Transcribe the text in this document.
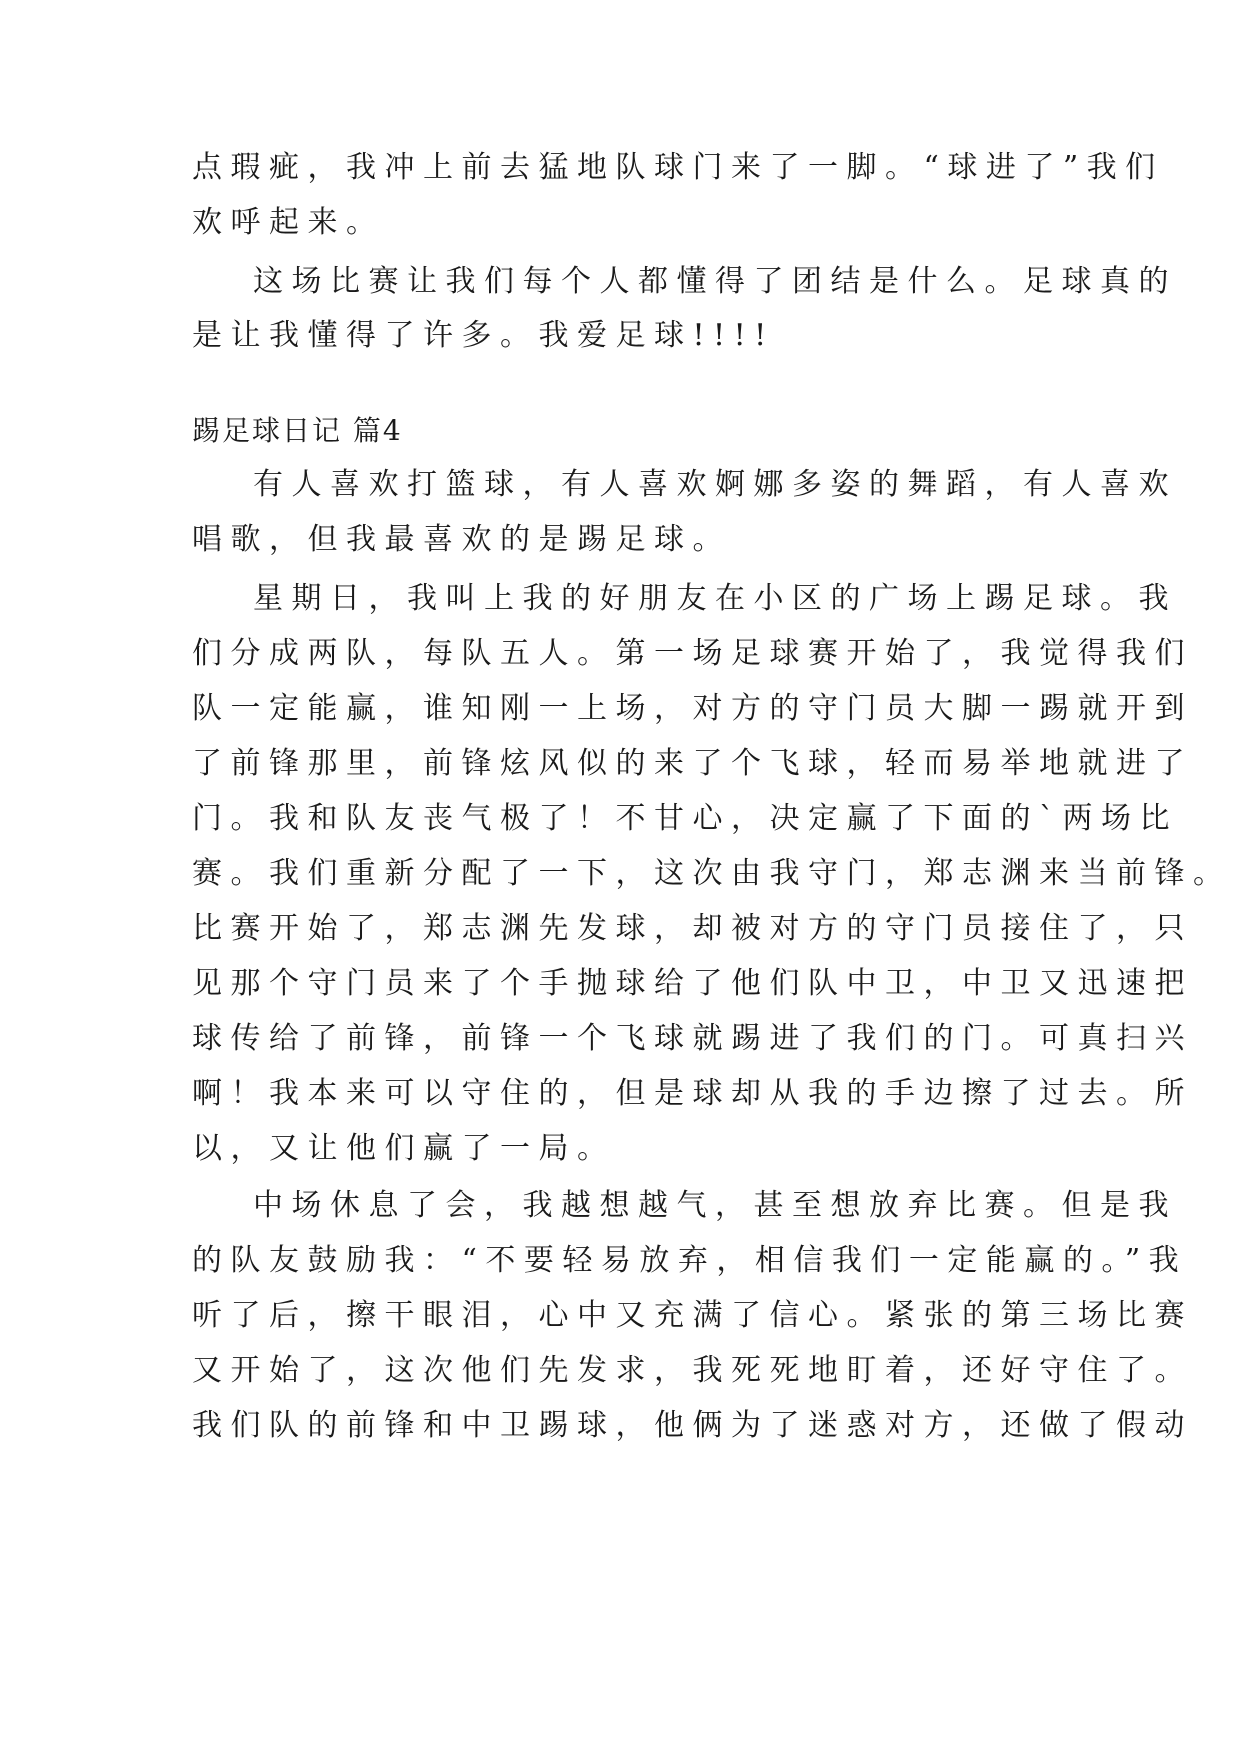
点瑕疵，我冲上前去猛地队球门来了一脚。“球进了”我们
欢呼起来。
这场比赛让我们每个人都懂得了团结是什么。足球真的
是让我懂得了许多。我爱足球!!!!
踢足球日记 篇4
有人喜欢打篮球，有人喜欢婀娜多姿的舞蹈，有人喜欢
唱歌，但我最喜欢的是踢足球。
星期日，我叫上我的好朋友在小区的广场上踢足球。我
们分成两队，每队五人。第一场足球赛开始了，我觉得我们
队一定能赢，谁知刚一上场，对方的守门员大脚一踢就开到
了前锋那里，前锋炫风似的来了个飞球，轻而易举地就进了
门。我和队友丧气极了！不甘心，决定赢了下面的`两场比
赛。我们重新分配了一下，这次由我守门，郑志渊来当前锋。
比赛开始了，郑志渊先发球，却被对方的守门员接住了，只
见那个守门员来了个手抛球给了他们队中卫，中卫又迅速把
球传给了前锋，前锋一个飞球就踢进了我们的门。可真扫兴
啊！我本来可以守住的，但是球却从我的手边擦了过去。所
以，又让他们赢了一局。
中场休息了会，我越想越气，甚至想放弃比赛。但是我
的队友鼓励我：“不要轻易放弃，相信我们一定能赢的。”我
听了后，擦干眼泪，心中又充满了信心。紧张的第三场比赛
又开始了，这次他们先发求，我死死地盯着，还好守住了。
我们队的前锋和中卫踢球，他俩为了迷惑对方，还做了假动
